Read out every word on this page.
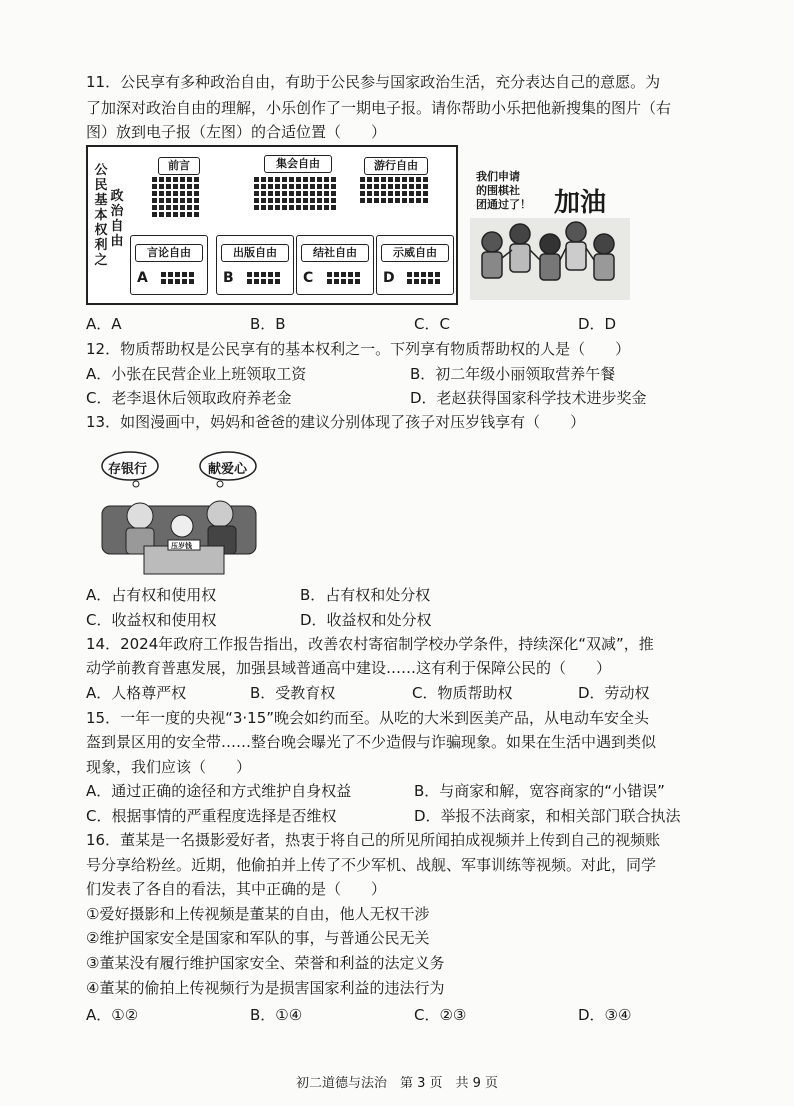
11．公民享有多种政治自由，有助于公民参与国家政治生活，充分表达自己的意愿。为
了加深对政治自由的理解，小乐创作了一期电子报。请你帮助小乐把他新搜集的图片（右
图）放到电子报（左图）的合适位置（　　）
公民基本权利之
政治自由
前言	集会自由	游行自由
言论自由
A
出版自由
B
结社自由
C
示威自由
D
我们申请
的围棋社
团通过了！ 加油
A．A	B．B	C．C	D．D
12．物质帮助权是公民享有的基本权利之一。下列享有物质帮助权的人是（　　）
A．小张在民营企业上班领取工资	B．初二年级小丽领取营养午餐
C．老李退休后领取政府养老金	D．老赵获得国家科学技术进步奖金
13．如图漫画中，妈妈和爸爸的建议分别体现了孩子对压岁钱享有（　　）
存银行	献爱心
压岁钱
A．占有权和使用权	B．占有权和处分权
C．收益权和使用权	D．收益权和处分权
14．2024年政府工作报告指出，改善农村寄宿制学校办学条件，持续深化“双减”，推
动学前教育普惠发展，加强县域普通高中建设……这有利于保障公民的（　　）
A．人格尊严权	B．受教育权	C．物质帮助权	D．劳动权
15．一年一度的央视“3·15”晚会如约而至。从吃的大米到医美产品，从电动车安全头
盔到景区用的安全带……整台晚会曝光了不少造假与诈骗现象。如果在生活中遇到类似
现象，我们应该（　　）
A．通过正确的途径和方式维护自身权益	B．与商家和解，宽容商家的“小错误”
C．根据事情的严重程度选择是否维权	D．举报不法商家，和相关部门联合执法
16．董某是一名摄影爱好者，热衷于将自己的所见所闻拍成视频并上传到自己的视频账
号分享给粉丝。近期，他偷拍并上传了不少军机、战舰、军事训练等视频。对此，同学
们发表了各自的看法，其中正确的是（　　）
①爱好摄影和上传视频是董某的自由，他人无权干涉
②维护国家安全是国家和军队的事，与普通公民无关
③董某没有履行维护国家安全、荣誉和利益的法定义务
④董某的偷拍上传视频行为是损害国家利益的违法行为
A．①②	B．①④	C．②③	D．③④
初二道德与法治　第 3 页　共 9 页
